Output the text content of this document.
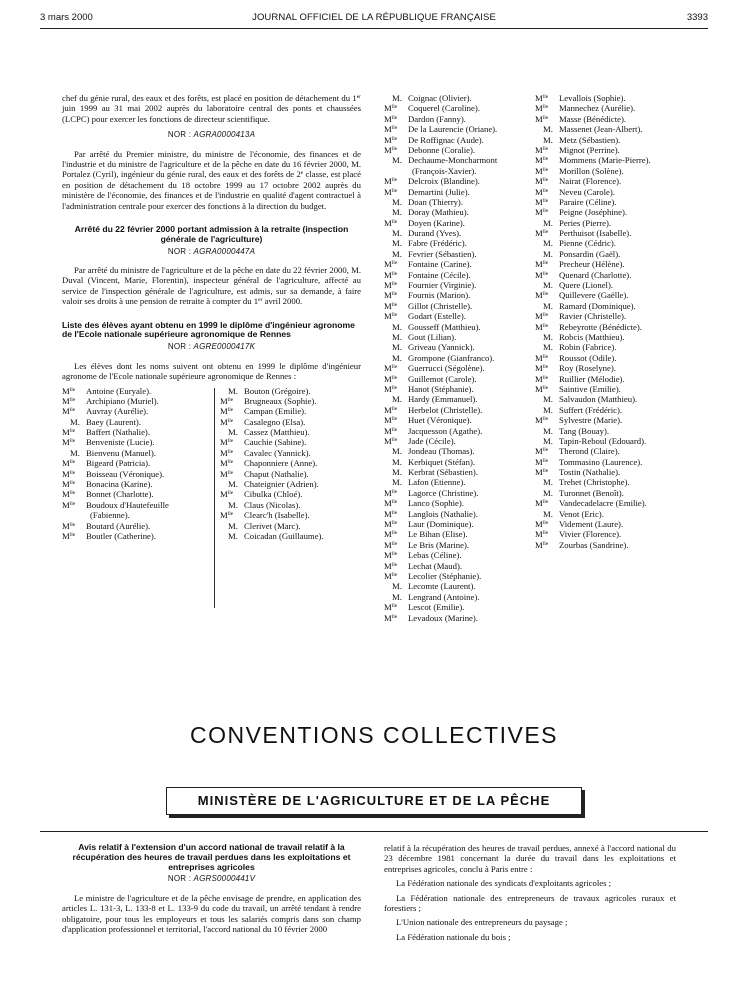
3 mars 2000	JOURNAL OFFICIEL DE LA RÉPUBLIQUE FRANÇAISE	3393

chef du génie rural, des eaux et des forêts, est placé en position de détachement du 1er juin 1999 au 31 mai 2002 auprès du laboratoire central des ponts et chaussées (LCPC) pour exercer les fonctions de directeur scientifique.

NOR : AGRA0000413A

Par arrêté du Premier ministre, du ministre de l'économie, des finances et de l'industrie et du ministre de l'agriculture et de la pêche en date du 16 février 2000, M. Portalez (Cyril), ingénieur du génie rural, des eaux et des forêts de 2e classe, est placé en position de détachement du 18 octobre 1999 au 17 octobre 2002 auprès du ministère de l'économie, des finances et de l'industrie en qualité d'agent contractuel à l'administration centrale pour exercer des fonctions à la direction du budget.

Arrêté du 22 février 2000 portant admission à la retraite (inspection générale de l'agriculture)

NOR : AGRA0000447A

Par arrêté du ministre de l'agriculture et de la pêche en date du 22 février 2000, M. Duval (Vincent, Marie, Florentin), inspecteur général de l'agriculture, affecté au service de l'inspection générale de l'agriculture, est admis, sur sa demande, à faire valoir ses droits à une pension de retraite à compter du 1er avril 2000.

Liste des élèves ayant obtenu en 1999 le diplôme d'ingénieur agronome de l'Ecole nationale supérieure agronomique de Rennes

NOR : AGRE0000417K

Les élèves dont les noms suivent ont obtenu en 1999 le diplôme d'ingénieur agronome de l'Ecole nationale supérieure agronomique de Rennes :

$M^{lle}$ Antoine (Euryale).
$M^{lle}$ Archipiano (Muriel).
$M^{lle}$ Auvray (Aurélie).
M. Baey (Laurent).
$M^{lle}$ Baffert (Nathalie).
$M^{lle}$ Benveniste (Lucie).
M. Bienvenu (Manuel).
$M^{lle}$ Bigeard (Patricia).
$M^{lle}$ Boisseau (Véronique).
$M^{lle}$ Bonacina (Karine).
$M^{lle}$ Bonnet (Charlotte).
$M^{lle}$ Boudoux d'Hautefeuille
(Fabienne).
$M^{lle}$ Boutard (Aurélie).
$M^{lle}$ Boutler (Catherine).
M. Bouton (Grégoire).
$M^{lle}$ Brugneaux (Sophie).
$M^{lle}$ Campan (Emilie).
$M^{lle}$ Casalegno (Elsa).
M. Cassez (Matthieu).
$M^{lle}$ Cauchie (Sabine).
$M^{lle}$ Cavalec (Yannick).
$M^{lle}$ Chaponniere (Anne).
$M^{lle}$ Chaput (Nathalie).
M. Chateignier (Adrien).
$M^{lle}$ Cibulka (Chloé).
M. Claus (Nicolas).
$M^{lle}$ Clearc'h (Isabelle).
M. Clerivet (Marc).
M. Coicadan (Guillaume).
M. Coignac (Olivier).
$M^{lle}$ Coquerel (Caroline).
$M^{lle}$ Dardon (Fanny).
$M^{lle}$ De la Laurencie (Oriane).
$M^{lle}$ De Roffignac (Aude).
$M^{lle}$ Debonne (Coralie).
M. Dechaume-Moncharmont
(François-Xavier).
$M^{lle}$ Delcroix (Blandine).
$M^{lle}$ Demartini (Julie).
M. Doan (Thierry).
M. Doray (Mathieu).
$M^{lle}$ Doyen (Karine).
M. Durand (Yves).
M. Fabre (Frédéric).
M. Fevrier (Sébastien).
$M^{lle}$ Fontaine (Carine).
$M^{lle}$ Fontaine (Cécile).
$M^{lle}$ Fournier (Virginie).
$M^{lle}$ Fournis (Marion).
$M^{lle}$ Gillot (Christelle).
$M^{lle}$ Godart (Estelle).
M. Gousseff (Matthieu).
M. Gout (Lilian).
M. Griveau (Yannick).
M. Grompone (Gianfranco).
$M^{lle}$ Guerrucci (Ségolène).
$M^{lle}$ Guillemot (Carole).
$M^{lle}$ Hanot (Stéphanie).
M. Hardy (Emmanuel).
$M^{lle}$ Herbelot (Christelle).
$M^{lle}$ Huet (Véronique).
$M^{lle}$ Jacquesson (Agathe).
$M^{lle}$ Jade (Cécile).
M. Jondeau (Thomas).
M. Kerbiquet (Stéfan).
M. Kerbrat (Sébastien).
M. Lafon (Etienne).
$M^{lle}$ Lagorce (Christine).
$M^{lle}$ Lanco (Sophie).
$M^{lle}$ Langlois (Nathalie).
$M^{lle}$ Laur (Dominique).
$M^{lle}$ Le Bihan (Elise).
$M^{lle}$ Le Bris (Marine).
$M^{lle}$ Lebas (Céline).
$M^{lle}$ Lechat (Maud).
$M^{lle}$ Lecolier (Stéphanie).
M. Lecomte (Laurent).
M. Lengrand (Antoine).
$M^{lle}$ Lescot (Emilie).
$M^{lle}$ Levadoux (Marine).
$M^{lle}$ Levallois (Sophie).
$M^{lle}$ Mannechez (Aurélie).
$M^{lle}$ Masse (Bénédicte).
M. Massenet (Jean-Albert).
M. Metz (Sébastien).
$M^{lle}$ Mignot (Perrine).
$M^{lle}$ Mommens (Marie-Pierre).
$M^{lle}$ Morillon (Solène).
$M^{lle}$ Nairat (Florence).
$M^{lle}$ Neveu (Carole).
$M^{lle}$ Paraire (Céline).
$M^{lle}$ Peigne (Joséphine).
M. Peries (Pierre).
$M^{lle}$ Perthuisot (Isabelle).
M. Pienne (Cédric).
M. Ponsardin (Gaël).
$M^{lle}$ Precheur (Hélène).
$M^{lle}$ Quenard (Charlotte).
M. Quere (Lionel).
$M^{lle}$ Quillevere (Gaëlle).
M. Ramard (Dominique).
$M^{lle}$ Ravier (Christelle).
$M^{lle}$ Rebeyrotte (Bénédicte).
M. Robcis (Matthieu).
M. Robin (Fabrice).
$M^{lle}$ Roussot (Odile).
$M^{lle}$ Roy (Roselyne).
$M^{lle}$ Ruillier (Mélodie).
$M^{lle}$ Saintive (Emilie).
M. Salvaudon (Matthieu).
M. Suffert (Frédéric).
$M^{lle}$ Sylvestre (Marie).
M. Tang (Bouay).
M. Tapin-Reboul (Edouard).
$M^{lle}$ Therond (Claire).
$M^{lle}$ Tommasino (Laurence).
$M^{lle}$ Tostin (Nathalie).
M. Trehet (Christophe).
M. Turonnet (Benoît).
$M^{lle}$ Vandecadelacre (Emilie).
M. Venot (Eric).
$M^{lle}$ Videment (Laure).
$M^{lle}$ Vivier (Florence).
$M^{lle}$ Zourbas (Sandrine).
CONVENTIONS COLLECTIVES
MINISTÈRE DE L'AGRICULTURE ET DE LA PÊCHE

Avis relatif à l'extension d'un accord national de travail relatif à la récupération des heures de travail perdues dans les exploitations et entreprises agricoles

NOR : AGRS0000441V

Le ministre de l'agriculture et de la pêche envisage de prendre, en application des articles L. 131-3, L. 133-8 et L. 133-9 du code du travail, un arrêté tendant à rendre obligatoire, pour tous les employeurs et tous les salariés compris dans son champ d'application professionnel et territorial, l'accord national du 10 février 2000

relatif à la récupération des heures de travail perdues, annexé à l'accord national du 23 décembre 1981 concernant la durée du travail dans les exploitations et entreprises agricoles, conclu à Paris entre :

La Fédération nationale des syndicats d'exploitants agricoles ;

La Fédération nationale des entrepreneurs de travaux agricoles ruraux et forestiers ;

L'Union nationale des entrepreneurs du paysage ;

La Fédération nationale du bois ;
